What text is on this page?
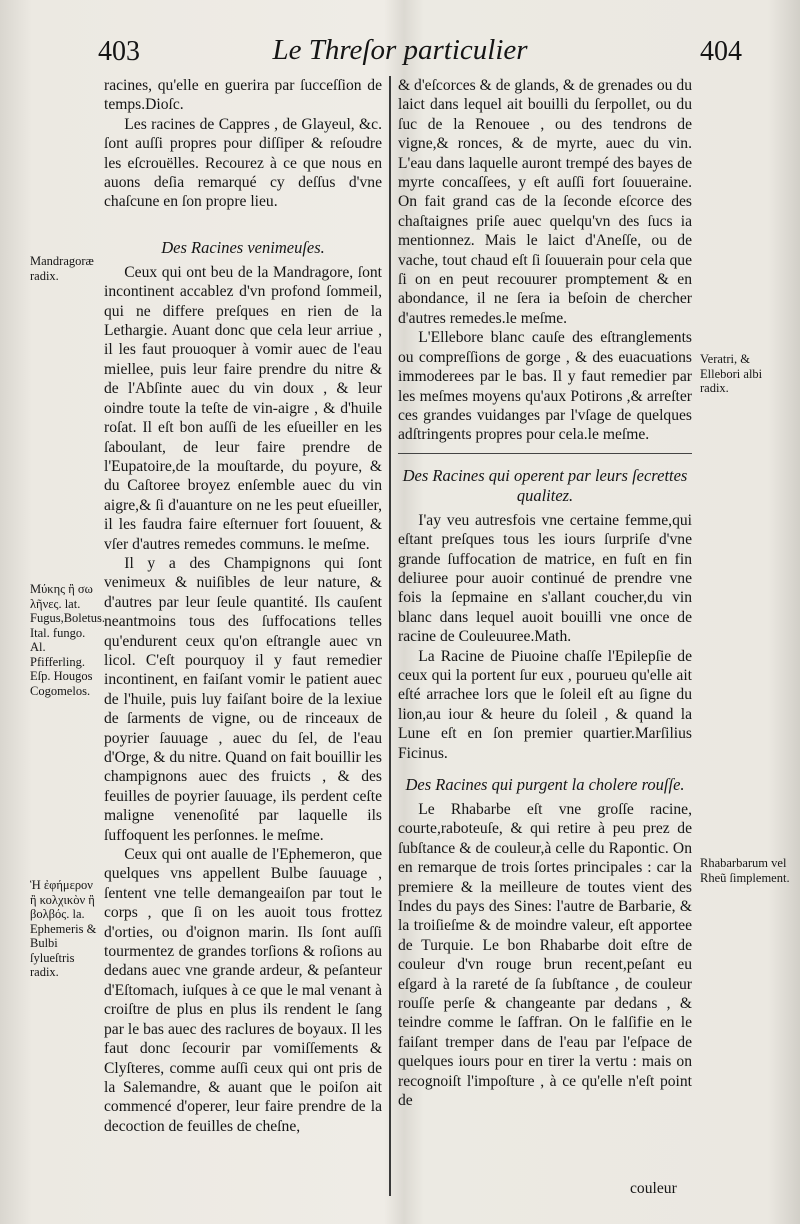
403	Le Threſor particulier	404

racines, qu'elle en guerira par ſucceſſion de temps.Dioſc.

Les racines de Cappres , de Glayeul, &c. ſont auſſi propres pour diſſiper & reſoudre les eſcrouëlles. Recourez à ce que nous en auons deſia remarqué cy deſſus d'vne chaſcune en ſon propre lieu.

Des Racines venimeuſes.

Ceux qui ont beu de la Mandragore, ſont incontinent accablez d'vn profond ſommeil, qui ne differe preſques en rien de la Lethargie. Auant donc que cela leur arriue , il les faut prouoquer à vomir auec de l'eau miellee, puis leur faire prendre du nitre & de l'Abſinte auec du vin doux , & leur oindre toute la teſte de vin-aigre , & d'huile roſat. Il eſt bon auſſi de les eſueiller en les ſaboulant, de leur faire prendre de l'Eupatoire,de la mouſtarde, du poyure, & du Caſtoree broyez enſemble auec du vin aigre,& ſi d'auanture on ne les peut eſueiller, il les faudra faire eſternuer fort ſouuent, & vſer d'autres remedes communs. le meſme.

Il y a des Champignons qui ſont venimeux & nuiſibles de leur nature, & d'autres par leur ſeule quantité. Ils cauſent neantmoins tous des ſuffocations telles qu'endurent ceux qu'on eſtrangle auec vn licol. C'eſt pourquoy il y faut remedier incontinent, en faiſant vomir le patient auec de l'huile, puis luy faiſant boire de la lexiue de ſarments de vigne, ou de rinceaux de poyrier ſauuage , auec du ſel, de l'eau d'Orge, & du nitre. Quand on fait bouillir les champignons auec des fruicts , & des feuilles de poyrier ſauuage, ils perdent ceſte maligne venenoſité par laquelle ils ſuffoquent les perſonnes. le meſme.

Ceux qui ont aualle de l'Ephemeron, que quelques vns appellent Bulbe ſauuage , ſentent vne telle demangeaiſon par tout le corps , que ſi on les auoit tous frottez d'orties, ou d'oignon marin. Ils ſont auſſi tourmentez de grandes torſions & roſions au dedans auec vne grande ardeur, & peſanteur d'Eſtomach, iuſques à ce que le mal venant à croiſtre de plus en plus ils rendent le ſang par le bas auec des raclures de boyaux. Il les faut donc ſecourir par vomiſſements & Clyſteres, comme auſſi ceux qui ont pris de la Salemandre, & auant que le poiſon ait commencé d'operer, leur faire prendre de la decoction de feuilles de cheſne,

& d'eſcorces & de glands, & de grenades ou du laict dans lequel ait bouilli du ſerpollet, ou du ſuc de la Renouee , ou des tendrons de vigne,& ronces, & de myrte, auec du vin. L'eau dans laquelle auront trempé des bayes de myrte concaſſees, y eſt auſſi fort ſouueraine. On fait grand cas de la ſeconde eſcorce des chaſtaignes priſe auec quelqu'vn des ſucs ia mentionnez. Mais le laict d'Aneſſe, ou de vache, tout chaud eſt ſi ſouuerain pour cela que ſi on en peut recouurer promptement & en abondance, il ne ſera ia beſoin de chercher d'autres remedes.le meſme.

L'Ellebore blanc cauſe des eſtranglements ou compreſſions de gorge , & des euacuations immoderees par le bas. Il y faut remedier par les meſmes moyens qu'aux Potirons ,& arreſter ces grandes vuidanges par l'vſage de quelques adſtringents propres pour cela.le meſme.

Des Racines qui operent par leurs ſecrettes qualitez.

I'ay veu autresfois vne certaine femme,qui eſtant preſques tous les iours ſurpriſe d'vne grande ſuffocation de matrice, en fuſt en fin deliuree pour auoir continué de prendre vne fois la ſepmaine en s'allant coucher,du vin blanc dans lequel auoit bouilli vne once de racine de Couleuuree.Math.

La Racine de Piuoine chaſſe l'Epilepſie de ceux qui la portent ſur eux , pourueu qu'elle ait eſté arrachee lors que le ſoleil eſt au ſigne du lion,au iour & heure du ſoleil , & quand la Lune eſt en ſon premier quartier.Marſilius Ficinus.

Des Racines qui purgent la cholere rouſſe.

Le Rhabarbe eſt vne groſſe racine, courte,raboteuſe, & qui retire à peu prez de ſubſtance & de couleur,à celle du Rapontic. On en remarque de trois ſortes principales : car la premiere & la meilleure de toutes vient des Indes du pays des Sines: l'autre de Barbarie, & la troiſieſme & de moindre valeur, eſt apportee de Turquie. Le bon Rhabarbe doit eſtre de couleur d'vn rouge brun recent,peſant eu eſgard à la rareté de ſa ſubſtance , de couleur rouſſe perſe & changeante par dedans , & teindre comme le ſaffran. On le falſifie en le faiſant tremper dans de l'eau par l'eſpace de quelques iours pour en tirer la vertu : mais on recognoiſt l'impoſture , à ce qu'elle n'eſt point de

couleur
Mandragoræ radix.
Μύκης ἢ σω λῆνες. lat. Fugus,Boletus. Ital. fungo. Al. Pfifferling. Eſp. Hougos Cogomelos.
Ἡ ἐφήμερον ἢ κολχικὸν ἢ βολβός. la. Ephemeris & Bulbi ſylueſtris radix.
Veratri, & Ellebori albi radix.
Rhabarbarum vel Rheũ ſimplement.
